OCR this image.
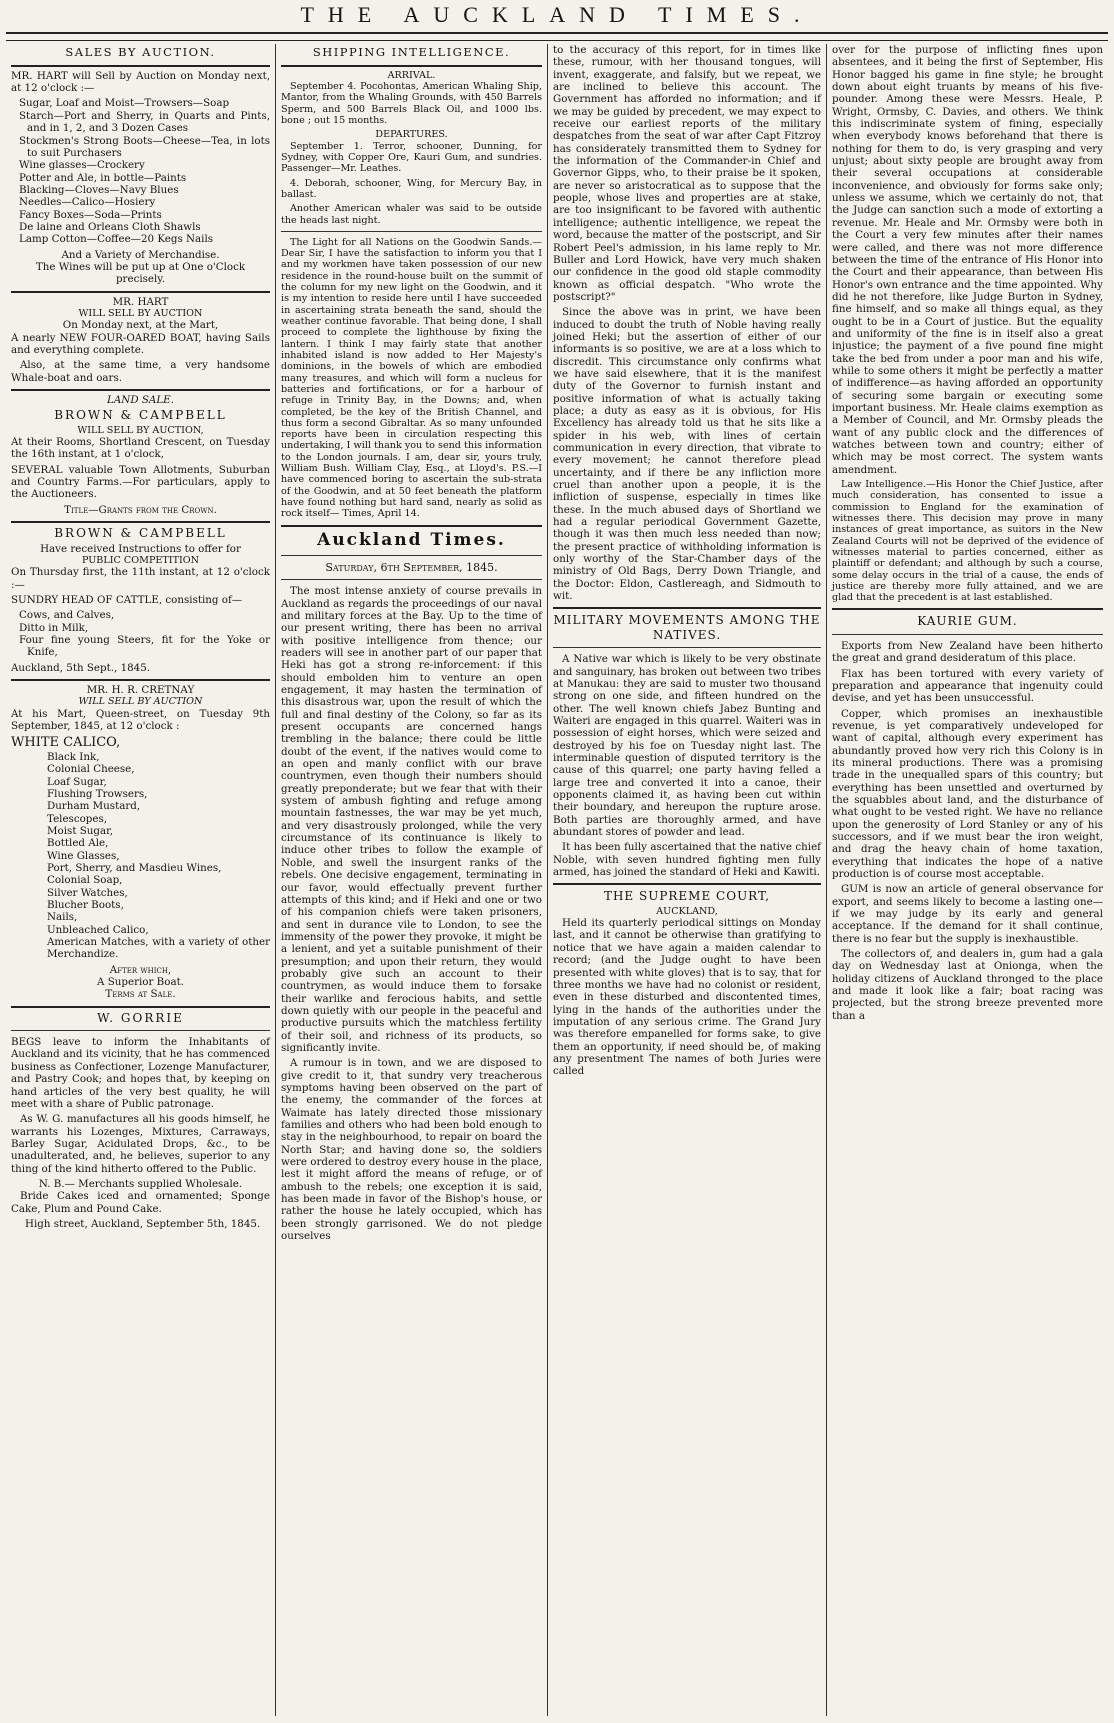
THE AUCKLAND TIMES.
SALES BY AUCTION.

MR. HART will Sell by Auction on Monday next, at 12 o'clock :—

Sugar, Loaf and Moist—Trowsers—Soap
Starch—Port and Sherry, in Quarts and Pints, and in 1, 2, and 3 Dozen Cases
Stockmen's Strong Boots—Cheese—Tea, in lots to suit Purchasers
Wine glasses—Crockery
Potter and Ale, in bottle—Paints
Blacking—Cloves—Navy Blues
Needles—Calico—Hosiery
Fancy Boxes—Soda—Prints
De laine and Orleans Cloth Shawls
Lamp Cotton—Coffee—20 Kegs Nails
And a Variety of Merchandise.
The Wines will be put up at One o'Clock precisely.
MR. HART
WILL SELL BY AUCTION
On Monday next, at the Mart,

A nearly NEW FOUR-OARED BOAT, having Sails and everything complete.

Also, at the same time, a very handsome Whale-boat and oars.

LAND SALE.
BROWN & CAMPBELL
WILL SELL BY AUCTION,

At their Rooms, Shortland Crescent, on Tuesday the 16th instant, at 1 o'clock,

SEVERAL valuable Town Allotments, Suburban and Country Farms.—For particulars, apply to the Auctioneers.

Title—Grants from the Crown.
BROWN & CAMPBELL
Have received Instructions to offer for
PUBLIC COMPETITION

On Thursday first, the 11th instant, at 12 o'clock :—

SUNDRY HEAD OF CATTLE, consisting of—

Cows, and Calves,
Ditto in Milk,
Four fine young Steers, fit for the Yoke or Knife,
Auckland, 5th Sept., 1845.
MR. H. R. CRETNAY
WILL SELL BY AUCTION

At his Mart, Queen-street, on Tuesday 9th September, 1845, at 12 o'clock :

WHITE CALICO,
Black Ink,
Colonial Cheese,
Loaf Sugar,
Flushing Trowsers,
Durham Mustard,
Telescopes,
Moist Sugar,
Bottled Ale,
Wine Glasses,
Port, Sherry, and Masdieu Wines,
Colonial Soap,
Silver Watches,
Blucher Boots,
Nails,
Unbleached Calico,
American Matches, with a variety of other Merchandize.
After which,
A Superior Boat.
Terms at Sale.
W. GORRIE

BEGS leave to inform the Inhabitants of Auckland and its vicinity, that he has commenced business as Confectioner, Lozenge Manufacturer, and Pastry Cook; and hopes that, by keeping on hand articles of the very best quality, he will meet with a share of Public patronage.

As W. G. manufactures all his goods himself, he warrants his Lozenges, Mixtures, Carraways, Barley Sugar, Acidulated Drops, &c., to be unadulterated, and, he believes, superior to any thing of the kind hitherto offered to the Public.

N. B.— Merchants supplied Wholesale.

Bride Cakes iced and ornamented; Sponge Cake, Plum and Pound Cake.

High street, Auckland, September 5th, 1845.
SHIPPING INTELLIGENCE.
ARRIVAL.

September 4. Pocohontas, American Whaling Ship, Mantor, from the Whaling Grounds, with 450 Barrels Sperm, and 500 Barrels Black Oil, and 1000 lbs. bone ; out 15 months.

DEPARTURES.

September 1. Terror, schooner, Dunning, for Sydney, with Copper Ore, Kauri Gum, and sundries. Passenger—Mr. Leathes.

4. Deborah, schooner, Wing, for Mercury Bay, in ballast.

Another American whaler was said to be outside the heads last night.

The Light for all Nations on the Goodwin Sands.—Dear Sir, I have the satisfaction to inform you that I and my workmen have taken possession of our new residence in the round-house built on the summit of the column for my new light on the Goodwin, and it is my intention to reside here until I have succeeded in ascertaining strata beneath the sand, should the weather continue favorable. That being done, I shall proceed to complete the lighthouse by fixing the lantern. I think I may fairly state that another inhabited island is now added to Her Majesty's dominions, in the bowels of which are embodied many treasures, and which will form a nucleus for batteries and fortifications, or for a harbour of refuge in Trinity Bay, in the Downs; and, when completed, be the key of the British Channel, and thus form a second Gibraltar. As so many unfounded reports have been in circulation respecting this undertaking, I will thank you to send this information to the London journals. I am, dear sir, yours truly, William Bush. William Clay, Esq., at Lloyd's. P.S.—I have commenced boring to ascertain the sub-strata of the Goodwin, and at 50 feet beneath the platform have found nothing but hard sand, nearly as solid as rock itself— Times, April 14.

Auckland Times.
Saturday, 6th September, 1845.

The most intense anxiety of course prevails in Auckland as regards the proceedings of our naval and military forces at the Bay. Up to the time of our present writing, there has been no arrival with positive intelligence from thence; our readers will see in another part of our paper that Heki has got a strong re-inforcement: if this should embolden him to venture an open engagement, it may hasten the termination of this disastrous war, upon the result of which the full and final destiny of the Colony, so far as its present occupants are concerned hangs trembling in the balance; there could be little doubt of the event, if the natives would come to an open and manly conflict with our brave countrymen, even though their numbers should greatly preponderate; but we fear that with their system of ambush fighting and refuge among mountain fastnesses, the war may be yet much, and very disastrously prolonged, while the very circumstance of its continuance is likely to induce other tribes to follow the example of Noble, and swell the insurgent ranks of the rebels. One decisive engagement, terminating in our favor, would effectually prevent further attempts of this kind; and if Heki and one or two of his companion chiefs were taken prisoners, and sent in durance vile to London, to see the immensity of the power they provoke, it might be a lenient, and yet a suitable punishment of their presumption; and upon their return, they would probably give such an account to their countrymen, as would induce them to forsake their warlike and ferocious habits, and settle down quietly with our people in the peaceful and productive pursuits which the matchless fertility of their soil, and richness of its products, so significantly invite.

A rumour is in town, and we are disposed to give credit to it, that sundry very treacherous symptoms having been observed on the part of the enemy, the commander of the forces at Waimate has lately directed those missionary families and others who had been bold enough to stay in the neighbourhood, to repair on board the North Star; and having done so, the soldiers were ordered to destroy every house in the place, lest it might afford the means of refuge, or of ambush to the rebels; one exception it is said, has been made in favor of the Bishop's house, or rather the house he lately occupied, which has been strongly garrisoned. We do not pledge ourselves

to the accuracy of this report, for in times like these, rumour, with her thousand tongues, will invent, exaggerate, and falsify, but we repeat, we are inclined to believe this account. The Government has afforded no information; and if we may be guided by precedent, we may expect to receive our earliest reports of the military despatches from the seat of war after Capt Fitzroy has considerately transmitted them to Sydney for the information of the Commander-in Chief and Governor Gipps, who, to their praise be it spoken, are never so aristocratical as to suppose that the people, whose lives and properties are at stake, are too insignificant to be favored with authentic intelligence; authentic intelligence, we repeat the word, because the matter of the postscript, and Sir Robert Peel's admission, in his lame reply to Mr. Buller and Lord Howick, have very much shaken our confidence in the good old staple commodity known as official despatch. "Who wrote the postscript?"

Since the above was in print, we have been induced to doubt the truth of Noble having really joined Heki; but the assertion of either of our informants is so positive, we are at a loss which to discredit. This circumstance only confirms what we have said elsewhere, that it is the manifest duty of the Governor to furnish instant and positive information of what is actually taking place; a duty as easy as it is obvious, for His Excellency has already told us that he sits like a spider in his web, with lines of certain communication in every direction, that vibrate to every movement; he cannot therefore plead uncertainty, and if there be any infliction more cruel than another upon a people, it is the infliction of suspense, especially in times like these. In the much abused days of Shortland we had a regular periodical Government Gazette, though it was then much less needed than now; the present practice of withholding information is only worthy of the Star-Chamber days of the ministry of Old Bags, Derry Down Triangle, and the Doctor: Eldon, Castlereagh, and Sidmouth to wit.

MILITARY MOVEMENTS AMONG THE NATIVES.

A Native war which is likely to be very obstinate and sanguinary, has broken out between two tribes at Manukau: they are said to muster two thousand strong on one side, and fifteen hundred on the other. The well known chiefs Jabez Bunting and Waiteri are engaged in this quarrel. Waiteri was in possession of eight horses, which were seized and destroyed by his foe on Tuesday night last. The interminable question of disputed territory is the cause of this quarrel; one party having felled a large tree and converted it into a canoe, their opponents claimed it, as having been cut within their boundary, and hereupon the rupture arose. Both parties are thoroughly armed, and have abundant stores of powder and lead.

It has been fully ascertained that the native chief Noble, with seven hundred fighting men fully armed, has joined the standard of Heki and Kawiti.

THE SUPREME COURT,
AUCKLAND,

Held its quarterly periodical sittings on Monday last, and it cannot be otherwise than gratifying to notice that we have again a maiden calendar to record; (and the Judge ought to have been presented with white gloves) that is to say, that for three months we have had no colonist or resident, even in these disturbed and discontented times, lying in the hands of the authorities under the imputation of any serious crime. The Grand Jury was therefore empanelled for forms sake, to give them an opportunity, if need should be, of making any presentment The names of both Juries were called

over for the purpose of inflicting fines upon absentees, and it being the first of September, His Honor bagged his game in fine style; he brought down about eight truants by means of his five-pounder. Among these were Messrs. Heale, P. Wright, Ormsby, C. Davies, and others. We think this indiscriminate system of fining, especially when everybody knows beforehand that there is nothing for them to do, is very grasping and very unjust; about sixty people are brought away from their several occupations at considerable inconvenience, and obviously for forms sake only; unless we assume, which we certainly do not, that the Judge can sanction such a mode of extorting a revenue. Mr. Heale and Mr. Ormsby were both in the Court a very few minutes after their names were called, and there was not more difference between the time of the entrance of His Honor into the Court and their appearance, than between His Honor's own entrance and the time appointed. Why did he not therefore, like Judge Burton in Sydney, fine himself, and so make all things equal, as they ought to be in a Court of justice. But the equality and uniformity of the fine is in itself also a great injustice; the payment of a five pound fine might take the bed from under a poor man and his wife, while to some others it might be perfectly a matter of indifference—as having afforded an opportunity of securing some bargain or executing some important business. Mr. Heale claims exemption as a Member of Council, and Mr. Ormsby pleads the want of any public clock and the differences of watches between town and country; either of which may be most correct. The system wants amendment.

Law Intelligence.—His Honor the Chief Justice, after much consideration, has consented to issue a commission to England for the examination of witnesses there. This decision may prove in many instances of great importance, as suitors in the New Zealand Courts will not be deprived of the evidence of witnesses material to parties concerned, either as plaintiff or defendant; and although by such a course, some delay occurs in the trial of a cause, the ends of justice are thereby more fully attained, and we are glad that the precedent is at last established.

KAURIE GUM.

Exports from New Zealand have been hitherto the great and grand desideratum of this place.

Flax has been tortured with every variety of preparation and appearance that ingenuity could devise, and yet has been unsuccessful.

Copper, which promises an inexhaustible revenue, is yet comparatively undeveloped for want of capital, although every experiment has abundantly proved how very rich this Colony is in its mineral productions. There was a promising trade in the unequalled spars of this country; but everything has been unsettled and overturned by the squabbles about land, and the disturbance of what ought to be vested right. We have no reliance upon the generosity of Lord Stanley or any of his successors, and if we must bear the iron weight, and drag the heavy chain of home taxation, everything that indicates the hope of a native production is of course most acceptable.

GUM is now an article of general observance for export, and seems likely to become a lasting one—if we may judge by its early and general acceptance. If the demand for it shall continue, there is no fear but the supply is inexhaustible.

The collectors of, and dealers in, gum had a gala day on Wednesday last at Onionga, when the holiday citizens of Auckland thronged to the place and made it look like a fair; boat racing was projected, but the strong breeze prevented more than a
